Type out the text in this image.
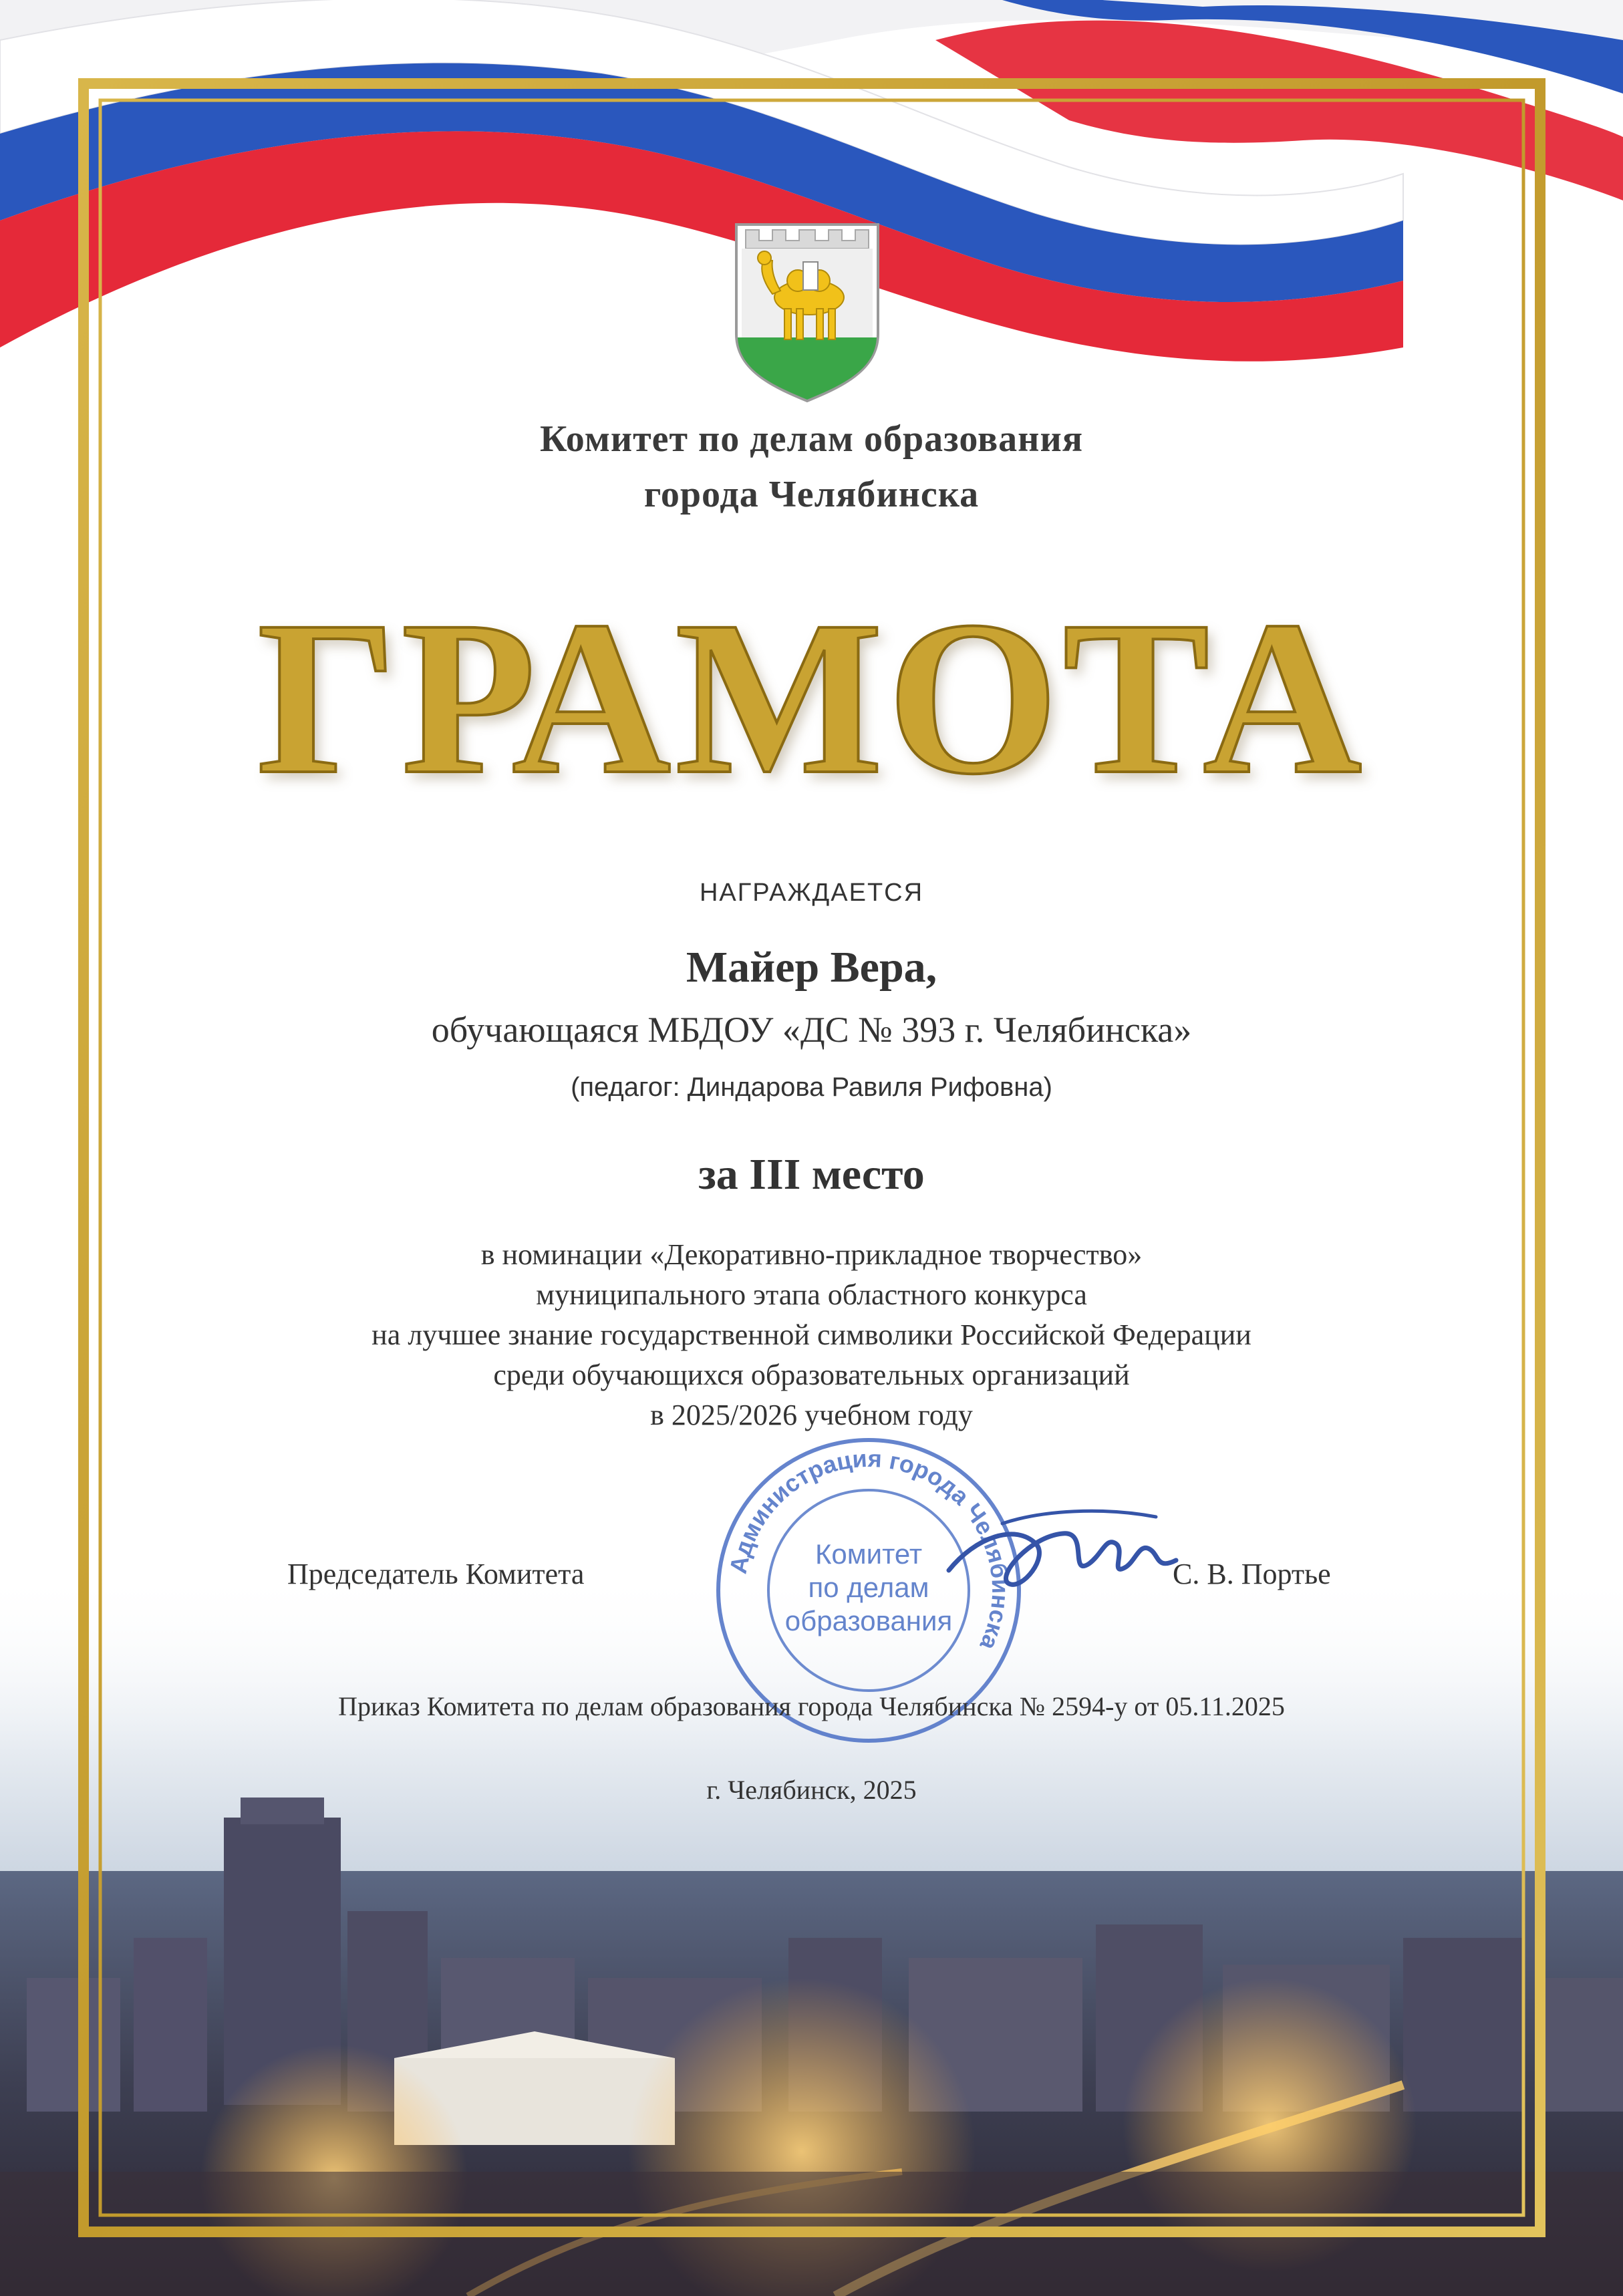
Комитет по делам образования
города Челябинска
ГРАМОТА
НАГРАЖДАЕТСЯ
Майер Вера,
обучающаяся МБДОУ «ДС № 393 г. Челябинска»
(педагог: Диндарова Равиля Рифовна)
за III место
в номинации «Декоративно-прикладное творчество»
муниципального этапа областного конкурса
на лучшее знание государственной символики Российской Федерации
среди обучающихся образовательных организаций
в 2025/2026 учебном году
Председатель Комитета	С. В. Портье
Администрация города Челябинска
Комитет
по делам
образования
Приказ Комитета по делам образования города Челябинска № 2594-у от 05.11.2025
г. Челябинск, 2025
